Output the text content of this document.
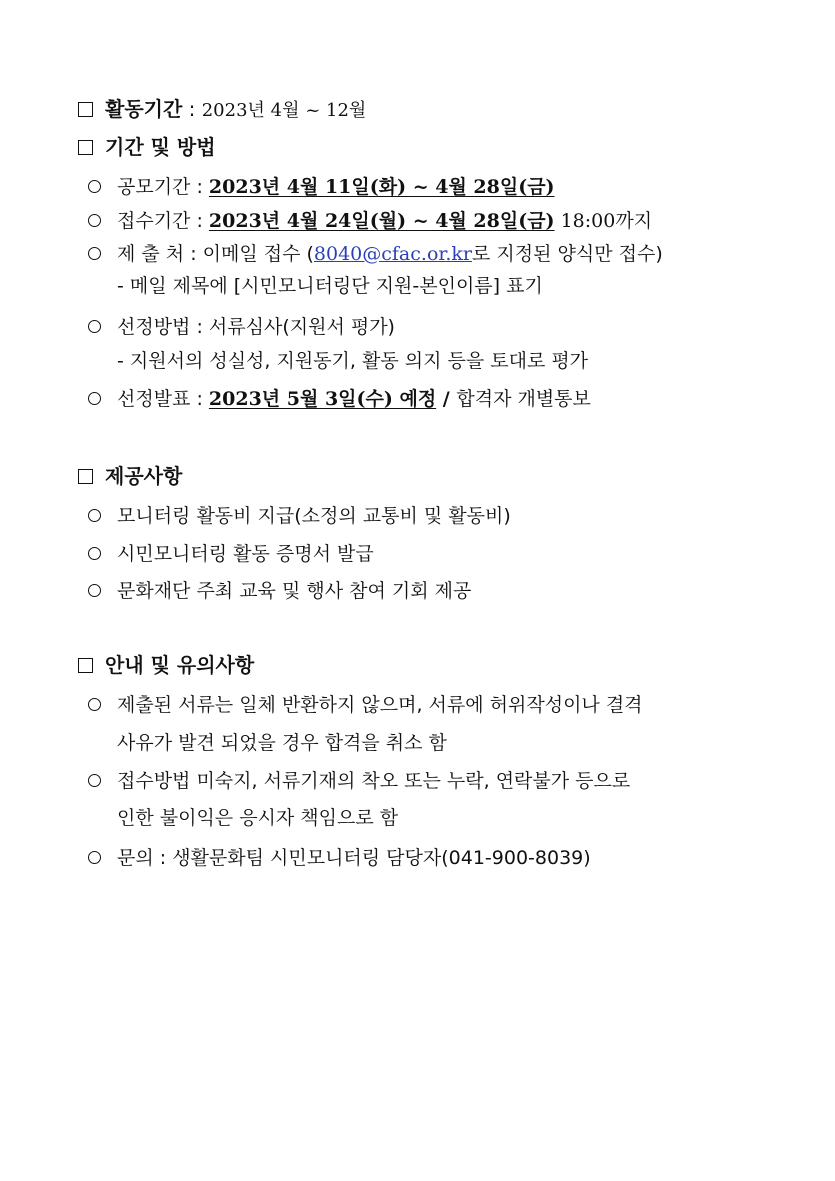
활동기간 : 2023년 4월 ~ 12월
기간 및 방법
공모기간 : 2023년 4월 11일(화) ~ 4월 28일(금)
접수기간 : 2023년 4월 24일(월) ~ 4월 28일(금) 18:00까지
제 출 처 : 이메일 접수 (8040@cfac.or.kr로 지정된 양식만 접수)
- 메일 제목에 [시민모니터링단 지원-본인이름] 표기
선정방법 : 서류심사(지원서 평가)
- 지원서의 성실성, 지원동기, 활동 의지 등을 토대로 평가
선정발표 : 2023년 5월 3일(수) 예정 / 합격자 개별통보
제공사항
모니터링 활동비 지급(소정의 교통비 및 활동비)
시민모니터링 활동 증명서 발급
문화재단 주최 교육 및 행사 참여 기회 제공
안내 및 유의사항
제출된 서류는 일체 반환하지 않으며, 서류에 허위작성이나 결격
사유가 발견 되었을 경우 합격을 취소 함
접수방법 미숙지, 서류기재의 착오 또는 누락, 연락불가 등으로
인한 불이익은 응시자 책임으로 함
문의 : 생활문화팀 시민모니터링 담당자(041-900-8039)
